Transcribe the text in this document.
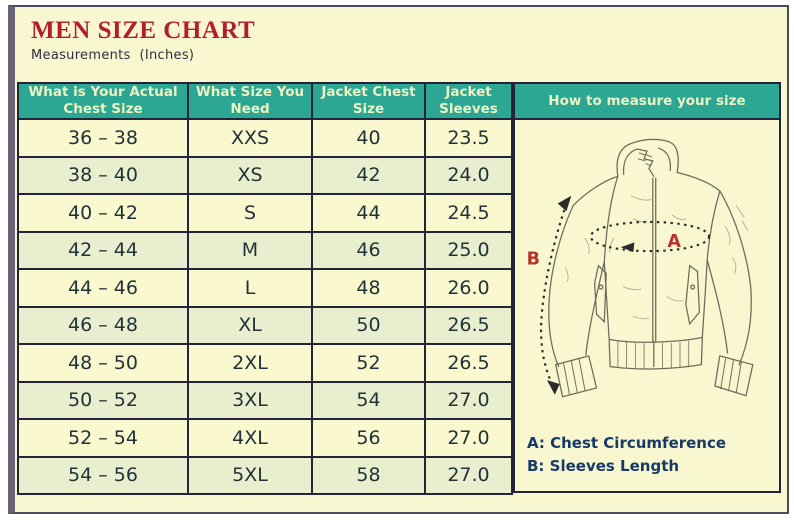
MEN SIZE CHART
Measurements  (Inches)
What is Your Actual Chest Size	What Size You Need	Jacket Chest Size	Jacket Sleeves
36 – 38	XXS	40	23.5
38 – 40	XS	42	24.0
40 – 42	S	44	24.5
42 – 44	M	46	25.0
44 – 46	L	48	26.0
46 – 48	XL	50	26.5
48 – 50	2XL	52	26.5
50 – 52	3XL	54	27.0
52 – 54	4XL	56	27.0
54 – 56	5XL	58	27.0
How to measure your size
A
B
A: Chest Circumference
B: Sleeves Length
